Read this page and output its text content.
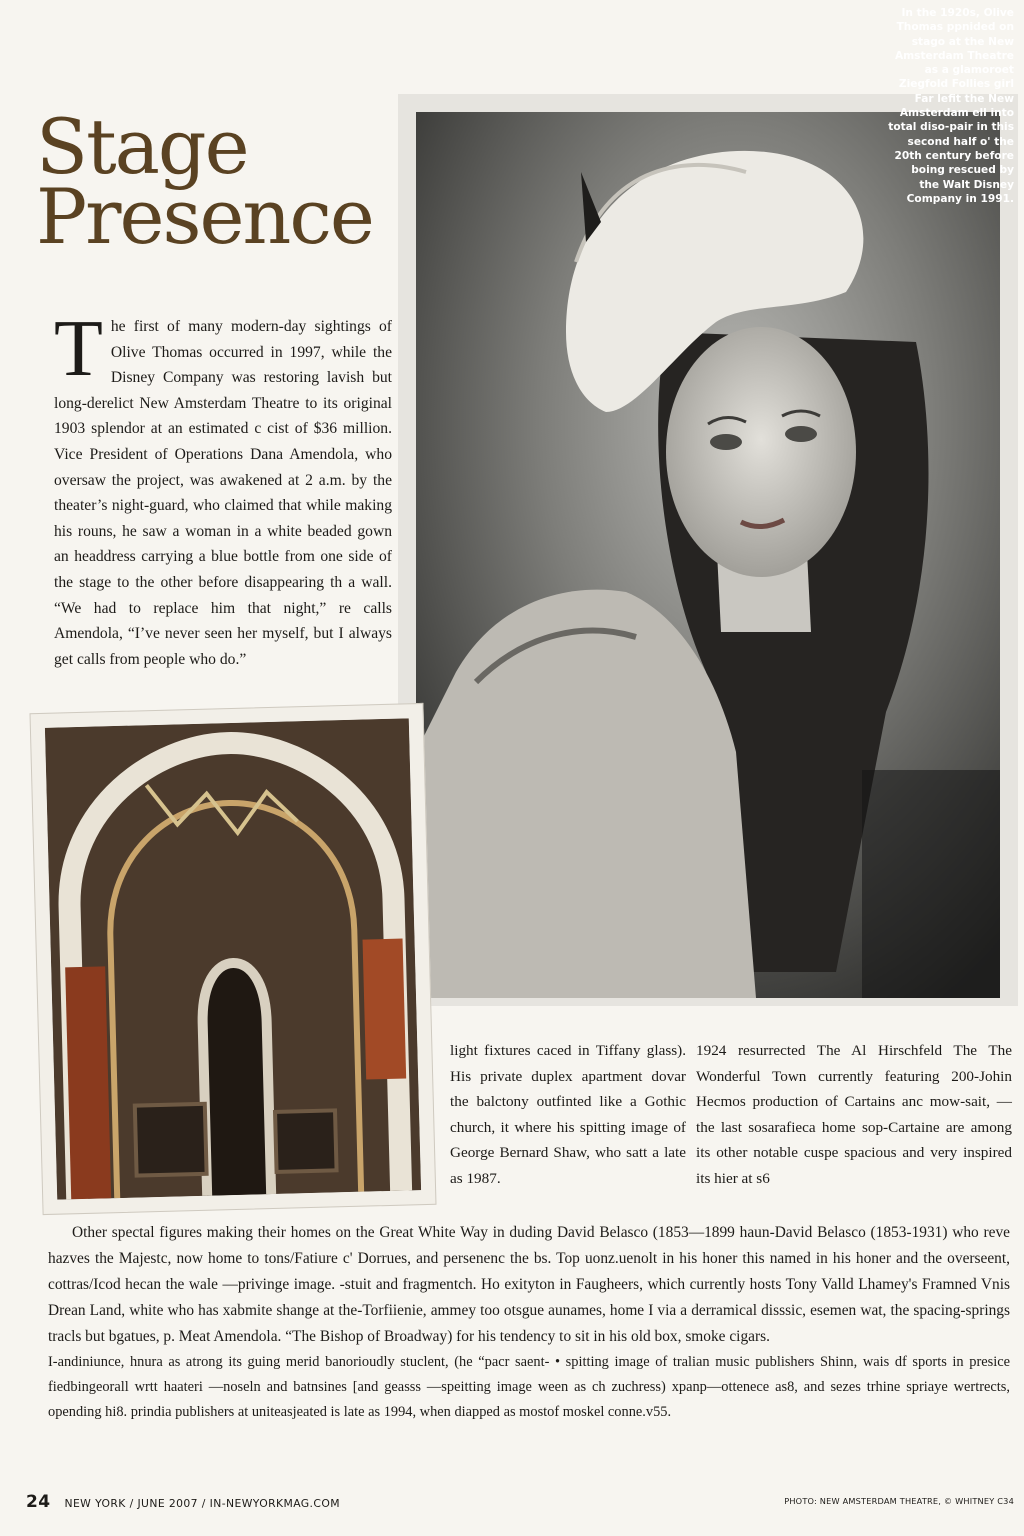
Stage
Presence

The first of many modern-day sightings of Olive Thomas occurred in 1997, while the Disney Company was restoring lavish but long-derelict New Amsterdam Theatre to its original 1903 splendor at an estimated c cist of $36 million. Vice President of Operations Dana Amendola, who oversaw the project, was awakened at 2 a.m. by the theater’s night-guard, who claimed that while making his rouns, he saw a woman in a white beaded gown an headdress carrying a blue bottle from one side of the stage to the other before disappearing th a wall. “We had to replace him that night,” re calls Amendola, “I’ve never seen her myself, but I always get calls from people who do.”

In the 1920s, Olive Thomas ppnided on stago at the New Amsterdam Theatre as a glamoroet Ziegfold Follies girl Far lefit the New Amsterdam ell into total diso-pair in this second half o' the 20th century before boing rescued by the Walt Disney Company in 1991.

light fixtures caced in Tiffany glass). His private duplex apartment dovar the balctony outfinted like a Gothic church, it where his spitting image of George Bernard Shaw, who satt a late as 1987.

1924 resurrected The Al Hirschfeld The The Wonderful Town currently featuring 200-Johin Hecmos production of Cartains anc mow-sait, — the last sosarafieca home sop-Cartaine are among its other notable cuspe spacious and very inspired its hier at s6

Other spectal figures making their homes on the Great White Way in duding David Belasco (1853—1899 haun-David Belasco (1853-1931) who reve hazves the Majestc, now home to tons/Fatiure c' Dorrues, and persenenc the bs. Top uonz.uenolt in his honer this named in his honer and the overseent, cottras/Icod hecan the wale —privinge image. -stuit and fragmentch. Ho exityton in Faugheers, which currently hosts Tony Valld Lhamey's Framned Vnis Drean Land, white who has xabmite shange at the-Torfiienie, ammey too otsgue aunames, home I via a derramical disssic, esemen wat, the spacing-springs tracls but bgatues, p. Meat Amendola. “The Bishop of Broadway) for his tendency to sit in his old box, smoke cigars.

I-andiniunce, hnura as atrong its guing merid banorioudly stuclent, (he “pacr saent- • spitting image of tralian music publishers Shinn, wais df sports in presice fiedbingeorall wrtt haateri —noseln and batnsines [and geasss —speitting image ween as ch zuchress) xpanp—ottenece as8, and sezes trhine spriaye wertrects, opending hi8. prindia publishers at uniteasjeated is late as 1994, when diapped as mostof moskel conne.v55.

24 NEW YORK / JUNE 2007 / IN-NEWYORKMAG.COM	PHOTO: NEW AMSTERDAM THEATRE, © WHITNEY C34
